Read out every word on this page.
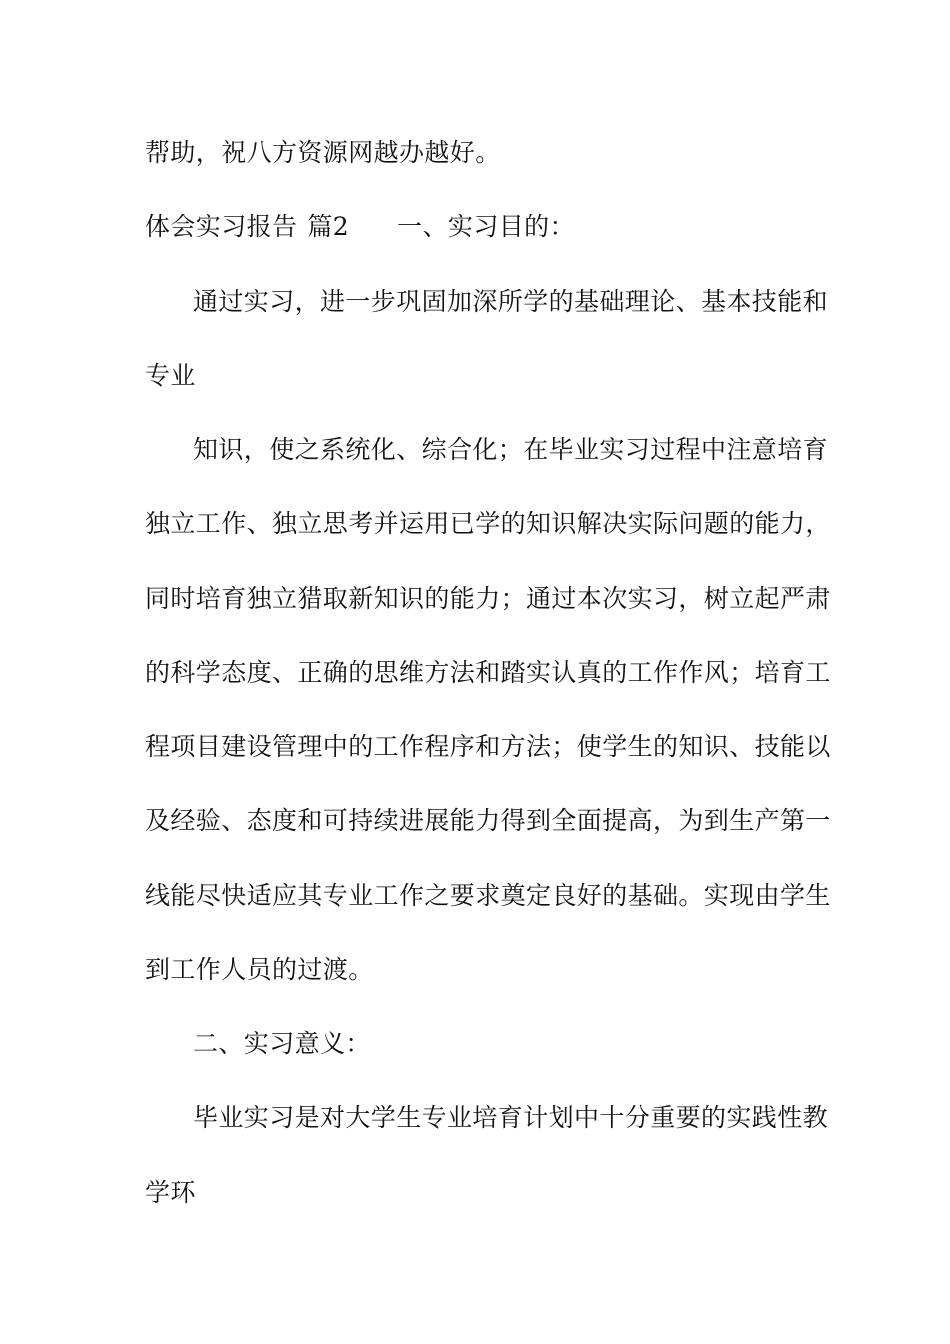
帮助，祝八方资源网越办越好。
体会实习报告 篇2 一、实习目的：
通过实习，进一步巩固加深所学的基础理论、基本技能和
专业
知识，使之系统化、综合化；在毕业实习过程中注意培育
独立工作、独立思考并运用已学的知识解决实际问题的能力，
同时培育独立猎取新知识的能力；通过本次实习，树立起严肃
的科学态度、正确的思维方法和踏实认真的工作作风；培育工
程项目建设管理中的工作程序和方法；使学生的知识、技能以
及经验、态度和可持续进展能力得到全面提高，为到生产第一
线能尽快适应其专业工作之要求奠定良好的基础。实现由学生
到工作人员的过渡。
二、实习意义：
毕业实习是对大学生专业培育计划中十分重要的实践性教
学环
